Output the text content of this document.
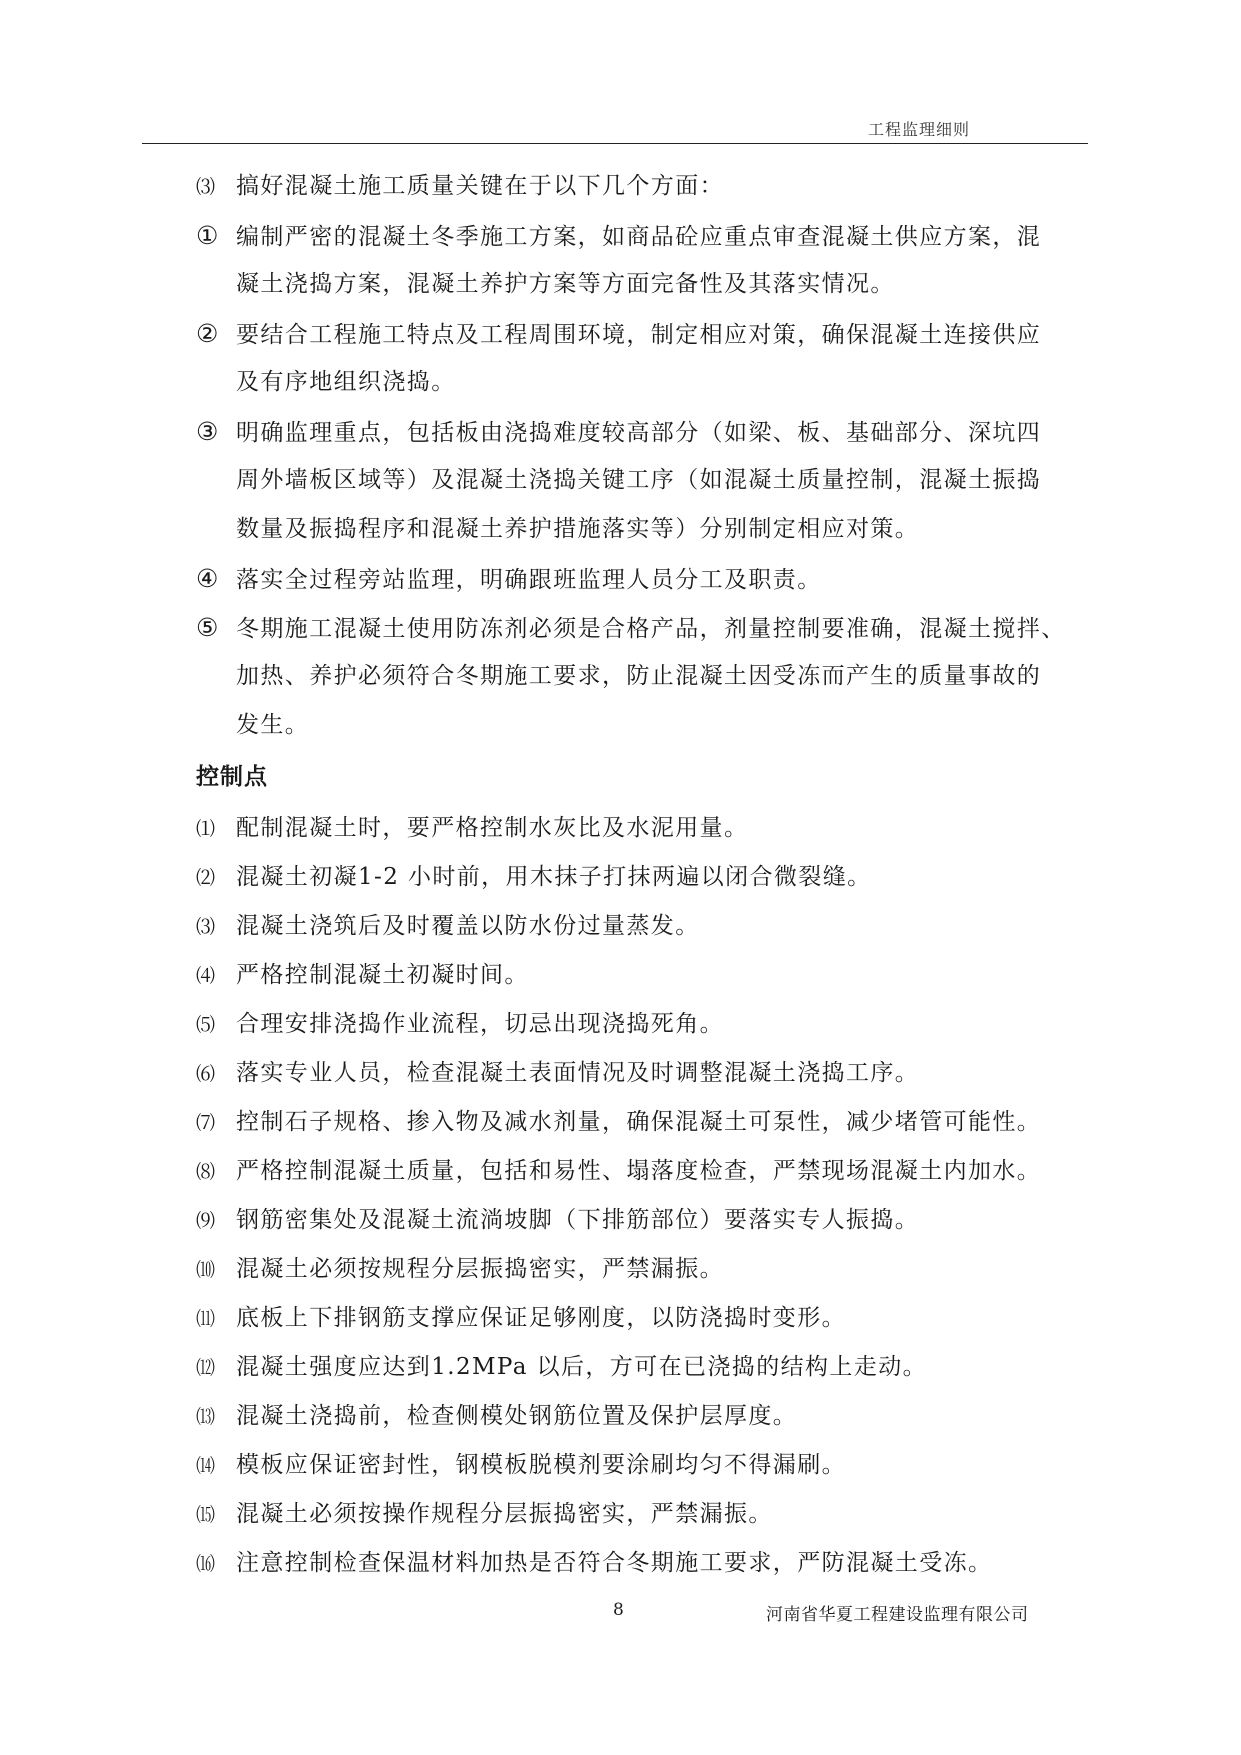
工程监理细则
⑶ 搞好混凝土施工质量关键在于以下几个方面：
① 编制严密的混凝土冬季施工方案，如商品砼应重点审查混凝土供应方案，混
凝土浇捣方案，混凝土养护方案等方面完备性及其落实情况。
② 要结合工程施工特点及工程周围环境，制定相应对策，确保混凝土连接供应
及有序地组织浇捣。
③ 明确监理重点，包括板由浇捣难度较高部分（如梁、板、基础部分、深坑四
周外墙板区域等）及混凝土浇捣关键工序（如混凝土质量控制，混凝土振捣
数量及振捣程序和混凝土养护措施落实等）分别制定相应对策。
④ 落实全过程旁站监理，明确跟班监理人员分工及职责。
⑤ 冬期施工混凝土使用防冻剂必须是合格产品，剂量控制要准确，混凝土搅拌、
加热、养护必须符合冬期施工要求，防止混凝土因受冻而产生的质量事故的
发生。
控制点
⑴ 配制混凝土时，要严格控制水灰比及水泥用量。
⑵ 混凝土初凝1-2 小时前，用木抹子打抹两遍以闭合微裂缝。
⑶ 混凝土浇筑后及时覆盖以防水份过量蒸发。
⑷ 严格控制混凝土初凝时间。
⑸ 合理安排浇捣作业流程，切忌出现浇捣死角。
⑹ 落实专业人员，检查混凝土表面情况及时调整混凝土浇捣工序。
⑺ 控制石子规格、掺入物及减水剂量，确保混凝土可泵性，减少堵管可能性。
⑻ 严格控制混凝土质量，包括和易性、塌落度检查，严禁现场混凝土内加水。
⑼ 钢筋密集处及混凝土流淌坡脚（下排筋部位）要落实专人振捣。
⑽ 混凝土必须按规程分层振捣密实，严禁漏振。
⑾ 底板上下排钢筋支撑应保证足够刚度，以防浇捣时变形。
⑿ 混凝土强度应达到1.2MPa 以后，方可在已浇捣的结构上走动。
⒀ 混凝土浇捣前，检查侧模处钢筋位置及保护层厚度。
⒁ 模板应保证密封性，钢模板脱模剂要涂刷均匀不得漏刷。
⒂ 混凝土必须按操作规程分层振捣密实，严禁漏振。
⒃ 注意控制检查保温材料加热是否符合冬期施工要求，严防混凝土受冻。
8	河南省华夏工程建设监理有限公司
